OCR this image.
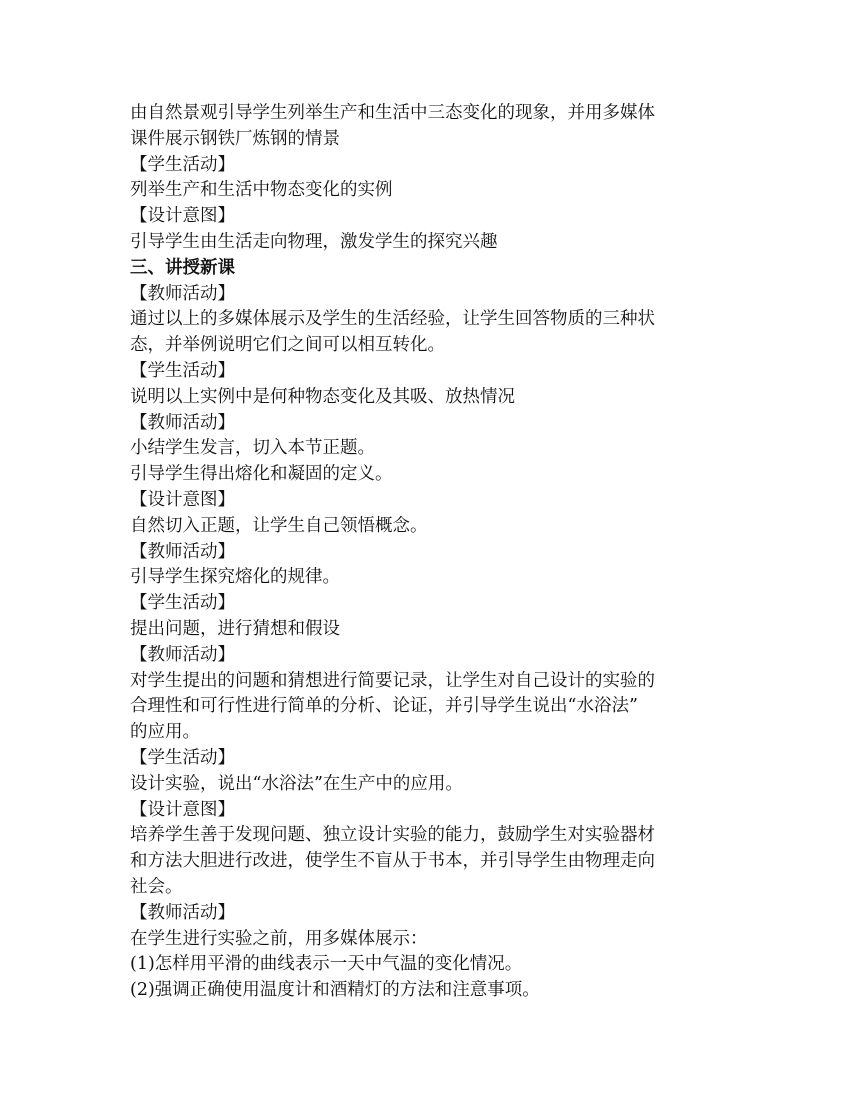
由自然景观引导学生列举生产和生活中三态变化的现象，并用多媒体
课件展示钢铁厂炼钢的情景
【学生活动】
列举生产和生活中物态变化的实例
【设计意图】
引导学生由生活走向物理，激发学生的探究兴趣
三、讲授新课
【教师活动】
通过以上的多媒体展示及学生的生活经验，让学生回答物质的三种状
态，并举例说明它们之间可以相互转化。
【学生活动】
说明以上实例中是何种物态变化及其吸、放热情况
【教师活动】
小结学生发言，切入本节正题。
引导学生得出熔化和凝固的定义。
【设计意图】
自然切入正题，让学生自己领悟概念。
【教师活动】
引导学生探究熔化的规律。
【学生活动】
提出问题，进行猜想和假设
【教师活动】
对学生提出的问题和猜想进行简要记录，让学生对自己设计的实验的
合理性和可行性进行简单的分析、论证，并引导学生说出“水浴法”
的应用。
【学生活动】
设计实验，说出“水浴法”在生产中的应用。
【设计意图】
培养学生善于发现问题、独立设计实验的能力，鼓励学生对实验器材
和方法大胆进行改进，使学生不盲从于书本，并引导学生由物理走向
社会。
【教师活动】
在学生进行实验之前，用多媒体展示：
(1)怎样用平滑的曲线表示一天中气温的变化情况。
(2)强调正确使用温度计和酒精灯的方法和注意事项。
